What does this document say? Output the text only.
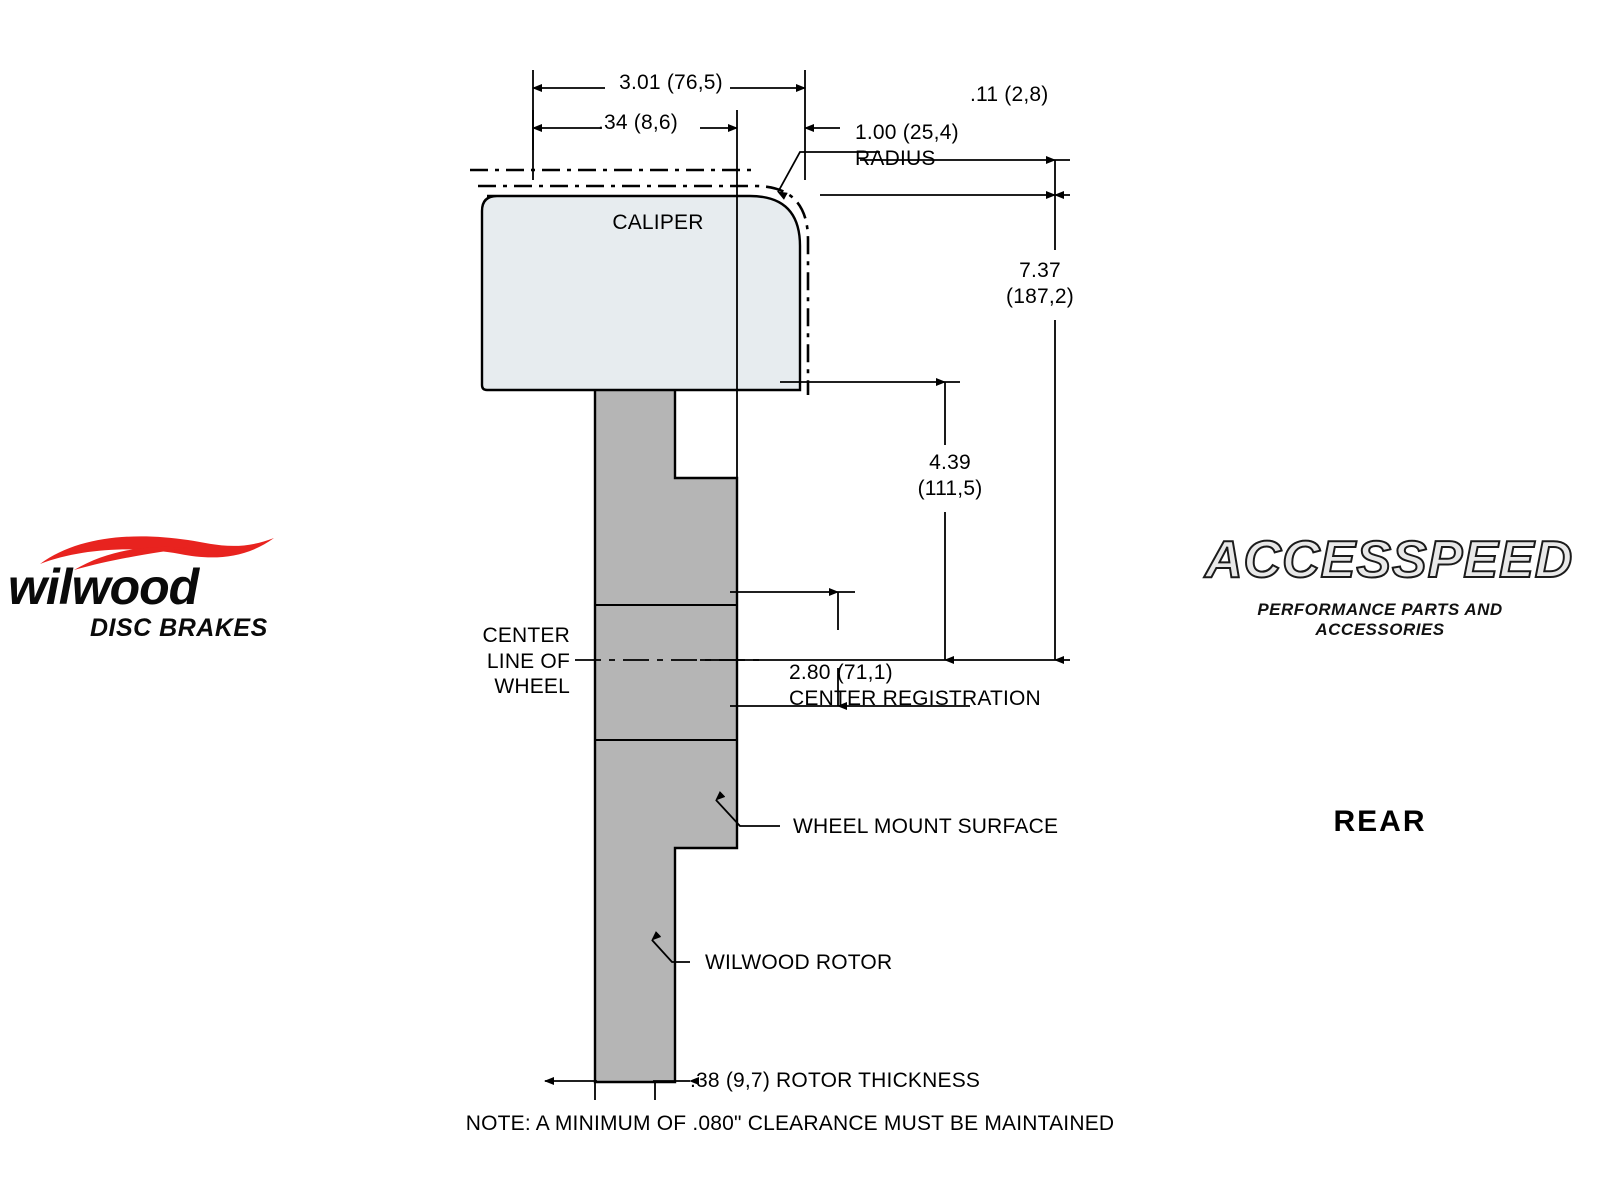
3.01 (76,5)
.34 (8,6)
.11 (2,8)
1.00 (25,4)
RADIUS
7.37
(187,2)
4.39
(111,5)
2.80 (71,1)
CENTER REGISTRATION
CENTER
LINE OF
WHEEL
CALIPER
WHEEL MOUNT SURFACE
WILWOOD ROTOR
.38 (9,7) ROTOR THICKNESS
NOTE: A MINIMUM OF .080" CLEARANCE MUST BE MAINTAINED
wilwood
DISC BRAKES
ACCESSPEED
PERFORMANCE PARTS AND ACCESSORIES
REAR
